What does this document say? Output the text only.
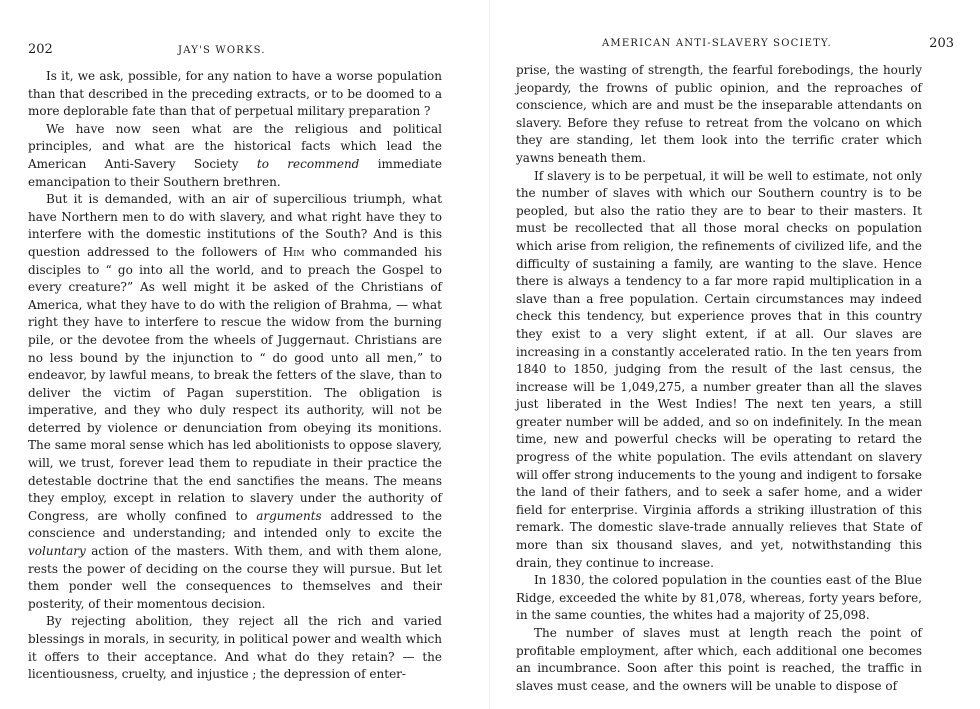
202	JAY'S WORKS.

Is it, we ask, possible, for any nation to have a worse population than that described in the preceding extracts, or to be doomed to a more deplorable fate than that of perpetual military preparation ?

We have now seen what are the religious and political principles, and what are the historical facts which lead the American Anti-Savery Society to recommend immediate emancipation to their Southern brethren.

But it is demanded, with an air of supercilious triumph, what have Northern men to do with slavery, and what right have they to interfere with the domestic institutions of the South? And is this question addressed to the followers of Him who commanded his disciples to “ go into all the world, and to preach the Gospel to every creature?” As well might it be asked of the Christians of America, what they have to do with the religion of Brahma, — what right they have to interfere to rescue the widow from the burning pile, or the devotee from the wheels of Juggernaut. Christians are no less bound by the injunction to “ do good unto all men,” to endeavor, by lawful means, to break the fetters of the slave, than to deliver the victim of Pagan superstition. The obligation is imperative, and they who duly respect its authority, will not be deterred by violence or denunciation from obeying its monitions. The same moral sense which has led abolitionists to oppose slavery, will, we trust, forever lead them to repudiate in their practice the detestable doctrine that the end sanctifies the means. The means they employ, except in relation to slavery under the authority of Congress, are wholly confined to arguments addressed to the conscience and understanding; and intended only to excite the voluntary action of the masters. With them, and with them alone, rests the power of deciding on the course they will pursue. But let them ponder well the consequences to themselves and their posterity, of their momentous decision.

By rejecting abolition, they reject all the rich and varied blessings in morals, in security, in political power and wealth which it offers to their acceptance. And what do they retain? — the licentiousness, cruelty, and injustice ; the depression of enter-

AMERICAN ANTI-SLAVERY SOCIETY.	203

prise, the wasting of strength, the fearful forebodings, the hourly jeopardy, the frowns of public opinion, and the reproaches of conscience, which are and must be the inseparable attendants on slavery. Before they refuse to retreat from the volcano on which they are standing, let them look into the terrific crater which yawns beneath them.

If slavery is to be perpetual, it will be well to estimate, not only the number of slaves with which our Southern country is to be peopled, but also the ratio they are to bear to their masters. It must be recollected that all those moral checks on population which arise from religion, the refinements of civilized life, and the difficulty of sustaining a family, are wanting to the slave. Hence there is always a tendency to a far more rapid multiplication in a slave than a free population. Certain circumstances may indeed check this tendency, but experience proves that in this country they exist to a very slight extent, if at all. Our slaves are increasing in a constantly accelerated ratio. In the ten years from 1840 to 1850, judging from the result of the last census, the increase will be 1,049,275, a number greater than all the slaves just liberated in the West Indies! The next ten years, a still greater number will be added, and so on indefinitely. In the mean time, new and powerful checks will be operating to retard the progress of the white population. The evils attendant on slavery will offer strong inducements to the young and indigent to forsake the land of their fathers, and to seek a safer home, and a wider field for enterprise. Virginia affords a striking illustration of this remark. The domestic slave-trade annually relieves that State of more than six thousand slaves, and yet, notwithstanding this drain, they continue to increase.

In 1830, the colored population in the counties east of the Blue Ridge, exceeded the white by 81,078, whereas, forty years before, in the same counties, the whites had a majority of 25,098.

The number of slaves must at length reach the point of profitable employment, after which, each additional one becomes an incumbrance. Soon after this point is reached, the traffic in slaves must cease, and the owners will be unable to dispose of
